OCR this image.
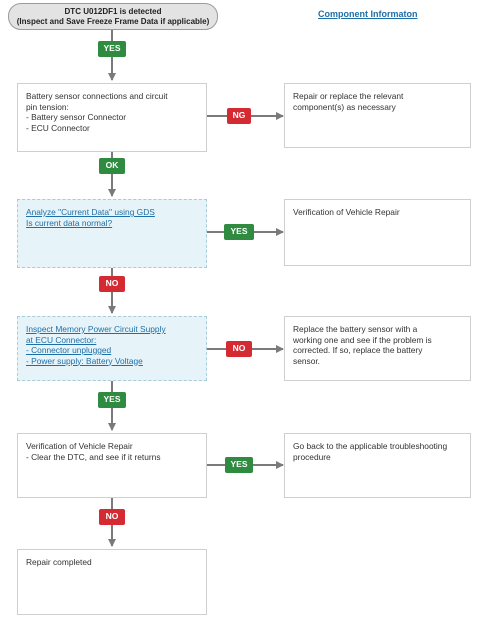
DTC U012DF1 is detected
(Inspect and Save Freeze Frame Data if applicable)
Component Informaton
Battery sensor connections and circuit
pin tension:
- Battery sensor Connector
- ECU Connector
Analyze "Current Data" using GDS
Is current data normal?
Inspect Memory Power Circuit Supply
at ECU Connector:
- Connector unplugged
- Power supply: Battery Voltage
Verification of Vehicle Repair
- Clear the DTC, and see if it returns
Repair completed
Repair or replace the relevant
component(s) as necessary
Verification of Vehicle Repair
Replace the battery sensor with a
working one and see if the problem is
corrected. If so, replace the battery
sensor.
Go back to the applicable troubleshooting
procedure
YES
NG
OK
YES
NO
NO
YES
YES
NO
